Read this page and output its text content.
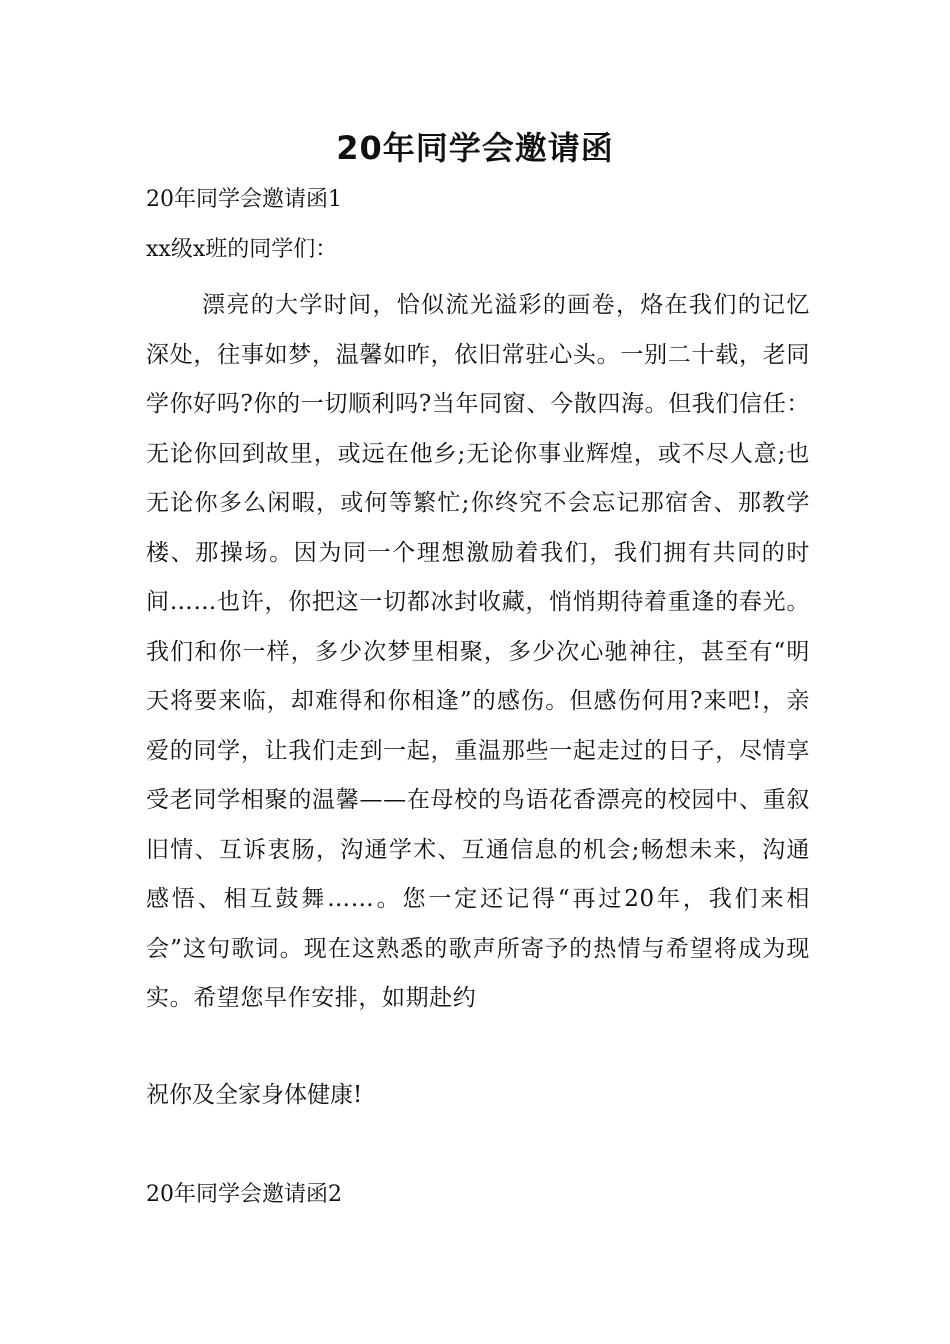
20年同学会邀请函
20年同学会邀请函1
xx级x班的同学们：

漂亮的大学时间，恰似流光溢彩的画卷，烙在我们的记忆深处，往事如梦，温馨如昨，依旧常驻心头。一别二十载，老同学你好吗?你的一切顺利吗?当年同窗、今散四海。但我们信任：无论你回到故里，或远在他乡;无论你事业辉煌，或不尽人意;也无论你多么闲暇，或何等繁忙;你终究不会忘记那宿舍、那教学楼、那操场。因为同一个理想激励着我们，我们拥有共同的时间……也许，你把这一切都冰封收藏，悄悄期待着重逢的春光。我们和你一样，多少次梦里相聚，多少次心驰神往，甚至有“明天将要来临，却难得和你相逢”的感伤。但感伤何用?来吧!，亲爱的同学，让我们走到一起，重温那些一起走过的日子，尽情享受老同学相聚的温馨——在母校的鸟语花香漂亮的校园中、重叙旧情、互诉衷肠，沟通学术、互通信息的机会;畅想未来，沟通感悟、相互鼓舞……。您一定还记得“再过20年，我们来相会”这句歌词。现在这熟悉的歌声所寄予的热情与希望将成为现实。希望您早作安排，如期赴约

祝你及全家身体健康!
20年同学会邀请函2
